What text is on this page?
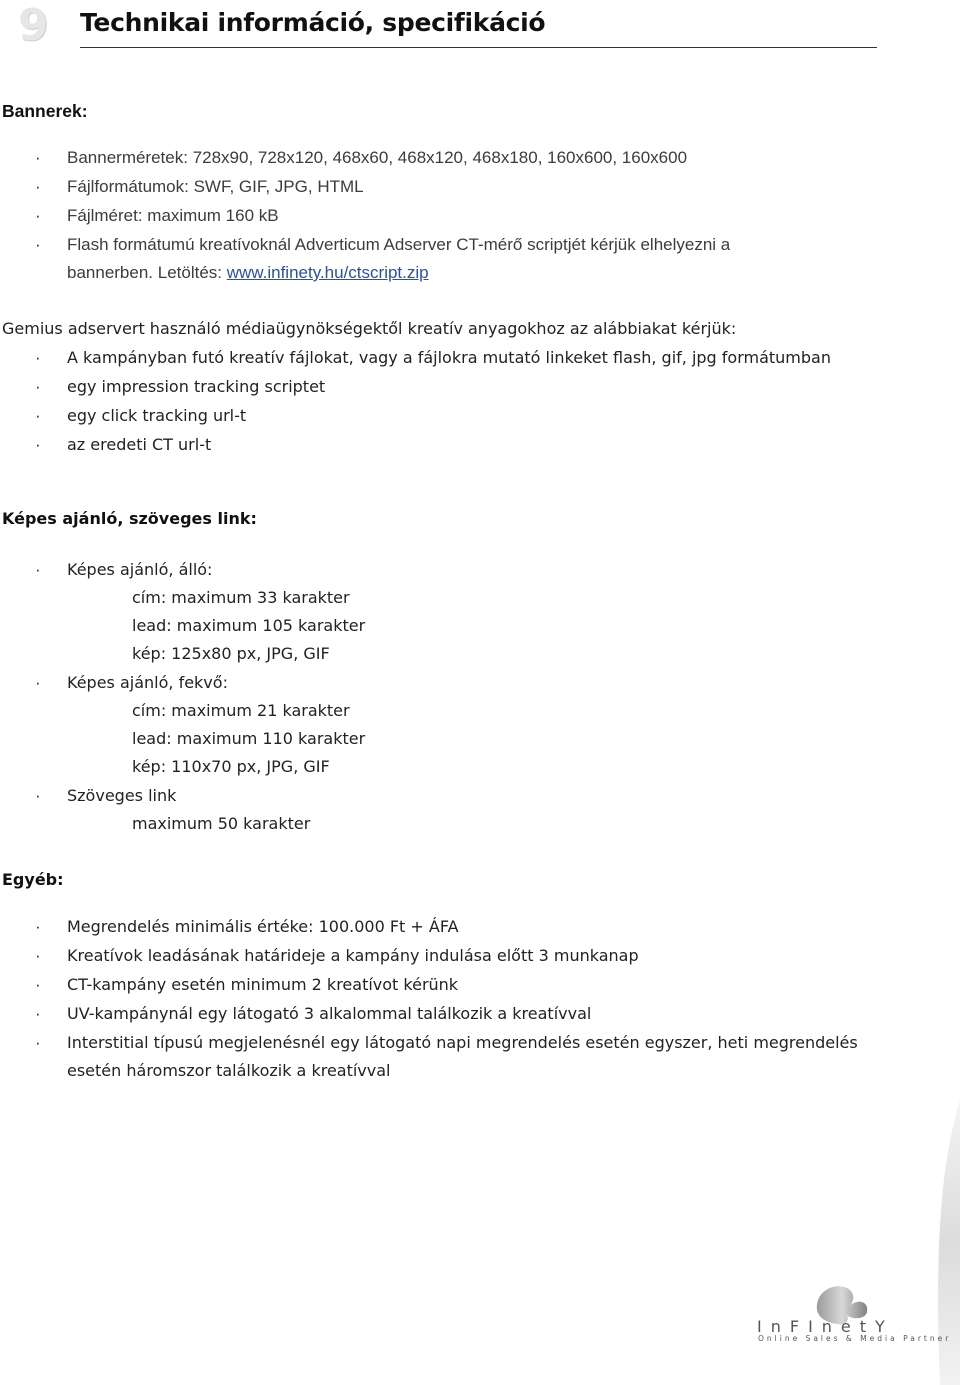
9 Technikai információ, specifikáció
Bannerek:
· Bannerméretek: 728x90, 728x120, 468x60, 468x120, 468x180, 160x600, 160x600
· Fájlformátumok: SWF, GIF, JPG, HTML
· Fájlméret: maximum 160 kB
· Flash formátumú kreatívoknál Adverticum Adserver CT-mérő scriptjét kérjük elhelyezni a
bannerben. Letöltés: www.infinety.hu/ctscript.zip
Gemius adservert használó médiaügynökségektől kreatív anyagokhoz az alábbiakat kérjük:
· A kampányban futó kreatív fájlokat, vagy a fájlokra mutató linkeket flash, gif, jpg formátumban
· egy impression tracking scriptet
· egy click tracking url-t
· az eredeti CT url-t
Képes ajánló, szöveges link:
· Képes ajánló, álló:
cím: maximum 33 karakter
lead: maximum 105 karakter
kép: 125x80 px, JPG, GIF
· Képes ajánló, fekvő:
cím: maximum 21 karakter
lead: maximum 110 karakter
kép: 110x70 px, JPG, GIF
· Szöveges link
maximum 50 karakter
Egyéb:
· Megrendelés minimális értéke: 100.000 Ft + ÁFA
· Kreatívok leadásának határideje a kampány indulása előtt 3 munkanap
· CT-kampány esetén minimum 2 kreatívot kérünk
· UV-kampánynál egy látogató 3 alkalommal találkozik a kreatívval
· Interstitial típusú megjelenésnél egy látogató napi megrendelés esetén egyszer, heti megrendelés
esetén háromszor találkozik a kreatívval
InFInetY
Online Sales & Media Partner
